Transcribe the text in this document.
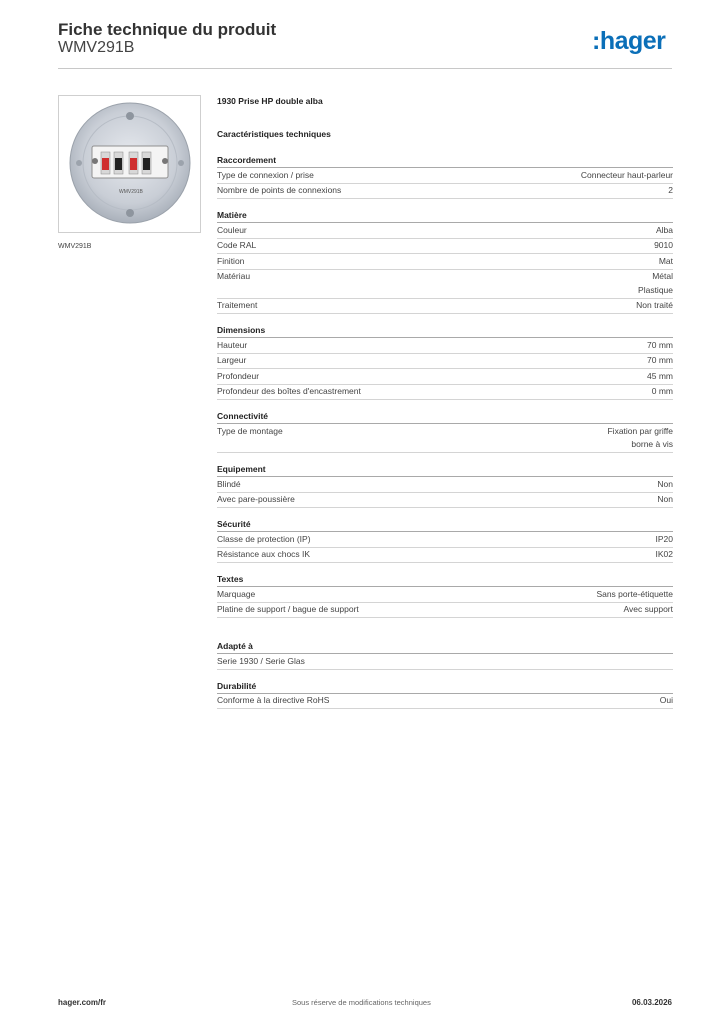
Fiche technique du produit
WMV291B	:hager
WMV291B
WMV291B
1930 Prise HP double alba
Caractéristiques techniques
Raccordement
Type de connexion / prise	Connecteur haut-parleur
Nombre de points de connexions	2
Matière
Couleur	Alba
Code RAL	9010
Finition	Mat
Matériau	Métal
Plastique
Traitement	Non traité
Dimensions
Hauteur	70 mm
Largeur	70 mm
Profondeur	45 mm
Profondeur des boîtes d'encastrement	0 mm
Connectivité
Type de montage	Fixation par griffe
borne à vis
Equipement
Blindé	Non
Avec pare-poussière	Non
Sécurité
Classe de protection (IP)	IP20
Résistance aux chocs IK	IK02
Textes
Marquage	Sans porte-étiquette
Platine de support / bague de support	Avec support
Adapté à
Serie 1930 / Serie Glas
Durabilité
Conforme à la directive RoHS	Oui
hager.com/fr	Sous réserve de modifications techniques	06.03.2026
